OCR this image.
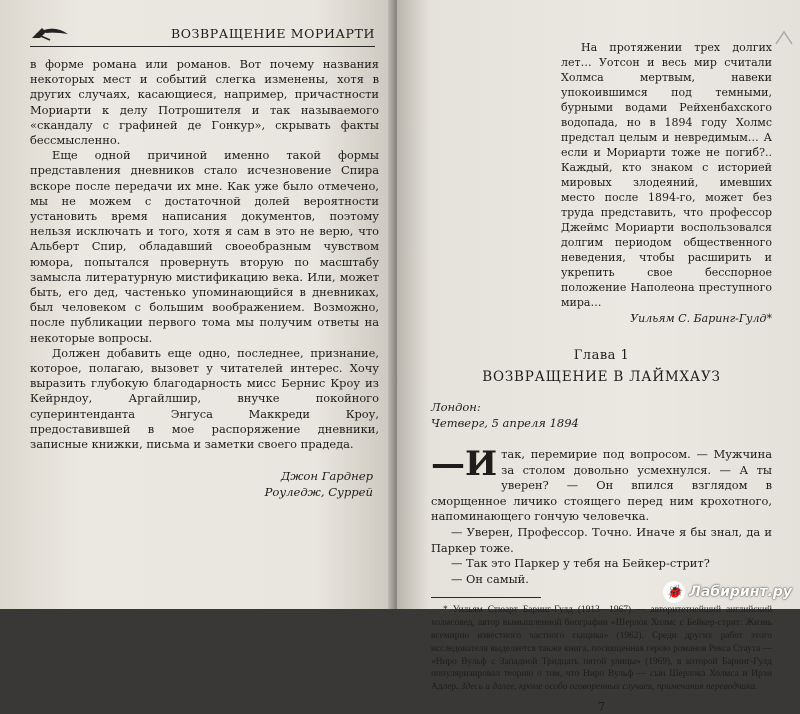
ВОЗВРАЩЕНИЕ МОРИАРТИ

в форме романа или романов. Вот почему названия некоторых мест и событий слегка изменены, хотя в других случаях, касающиеся, например, причастности Мориарти к делу Потрошителя и так называемого «скандалу с графиней де Гонкур», скрывать факты бессмысленно.

Еще одной причиной именно такой формы представления дневников стало исчезновение Спира вскоре после передачи их мне. Как уже было отмечено, мы не можем с достаточной долей вероятности установить время написания документов, поэтому нельзя исключать и того, хотя я сам в это не верю, что Альберт Спир, обладавший своеобразным чувством юмора, попытался провернуть вторую по масштабу замысла литературную мистификацию века. Или, может быть, его дед, частенько упоминающийся в дневниках, был человеком с большим воображением. Возможно, после публикации первого тома мы получим ответы на некоторые вопросы.

Должен добавить еще одно, последнее, признание, которое, полагаю, вызовет у читателей интерес. Хочу выразить глубокую благодарность мисс Бернис Кроу из Кейрндоу, Аргайлшир, внучке покойного суперинтенданта Энгуса Маккреди Кроу, предоставившей в мое распоряжение дневники, записные книжки, письма и заметки своего прадеда.

Джон Гарднер
Роуледж, Суррей

На протяжении трех долгих лет… Уотсон и весь мир считали Холмса мертвым, навеки упокоившимся под темными, бурными водами Рейхенбахского водопада, но в 1894 году Холмс предстал целым и невредимым… А если и Мориарти тоже не погиб?.. Каждый, кто знаком с историей мировых злодеяний, имевших место после 1894-го, может без труда представить, что профессор Джеймс Мориарти воспользовался долгим периодом общественного неведения, чтобы расширить и укрепить свое бесспорное положение Наполеона преступного мира…

Уильям С. Баринг-Гулд*
Глава 1
ВОЗВРАЩЕНИЕ В ЛАЙМХАУЗ
Лондон:
Четверг, 5 апреля 1894

—И так, перемирие под вопросом. — Мужчина за столом довольно усмехнулся. — А ты уверен? — Он впился взглядом в сморщенное личико стоящего перед ним крохотного, напоминающего гончую человечка.

— Уверен, Профессор. Точно. Иначе я бы знал, да и Паркер тоже.

— Так это Паркер у тебя на Бейкер-стрит?

— Он самый.

* Уильям Стюарт Баринг-Гулд (1913—1967) — авторитетнейший английский холмсовед, автор вымышленной биографии «Шерлок Холмс с Бейкер-стрит: Жизнь всемирно известного частного сыщика» (1962). Среди других работ этого исследователя выделяется также книга, посвященная герою романов Рекса Стаута — «Ниро Вульф с Западной Тридцать пятой улицы» (1969), в которой Баринг-Гулд популяризировал теорию о том, что Ниро Вульф — сын Шерлока Холмса и Ирэн Адлер. Здесь и далее, кроме особо оговоренных случаев, примечания переводчика.

7
🐞 Лабиринт.ру
